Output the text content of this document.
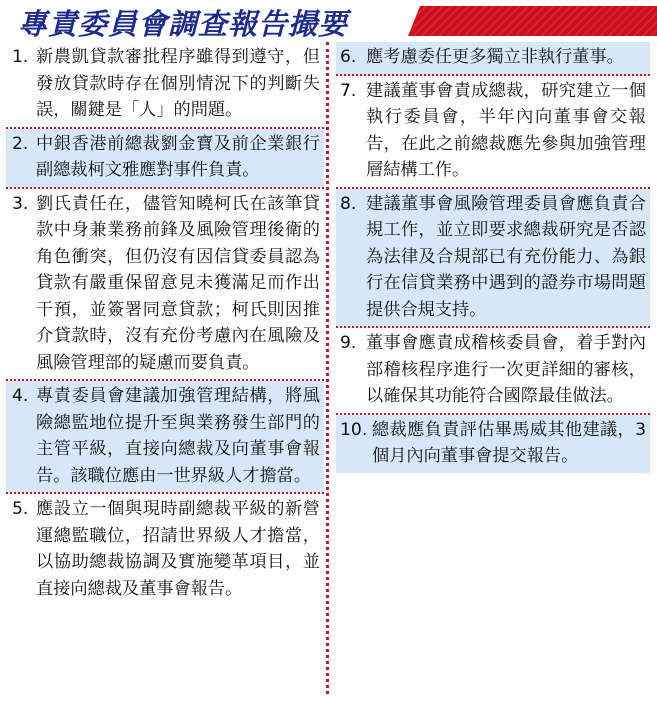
專責委員會調查報告撮要
1. 新農凱貸款審批程序雖得到遵守，但發放貸款時存在個別情況下的判斷失誤，關鍵是「人」的問題。
2. 中銀香港前總裁劉金寶及前企業銀行副總裁柯文雅應對事件負責。
3. 劉氏責任在，儘管知曉柯氏在該筆貸款中身兼業務前鋒及風險管理後衛的角色衝突，但仍沒有因信貸委員認為貸款有嚴重保留意見未獲滿足而作出干預，並簽署同意貸款；柯氏則因推介貸款時，沒有充份考慮內在風險及風險管理部的疑慮而要負責。
4. 專責委員會建議加強管理結構，將風險總監地位提升至與業務發生部門的主管平級，直接向總裁及向董事會報告。該職位應由一世界級人才擔當。
5. 應設立一個與現時副總裁平級的新營運總監職位，招請世界級人才擔當，以協助總裁協調及實施變革項目，並直接向總裁及董事會報告。
6. 應考慮委任更多獨立非執行董事。
7. 建議董事會責成總裁，研究建立一個執行委員會，半年內向董事會交報告，在此之前總裁應先參與加強管理層結構工作。
8. 建議董事會風險管理委員會應負責合規工作，並立即要求總裁研究是否認為法律及合規部已有充份能力、為銀行在信貸業務中遇到的證券市場問題提供合規支持。
9. 董事會應責成稽核委員會，着手對內部稽核程序進行一次更詳細的審核，以確保其功能符合國際最佳做法。
10. 總裁應負責評估畢馬威其他建議，3個月內向董事會提交報告。
